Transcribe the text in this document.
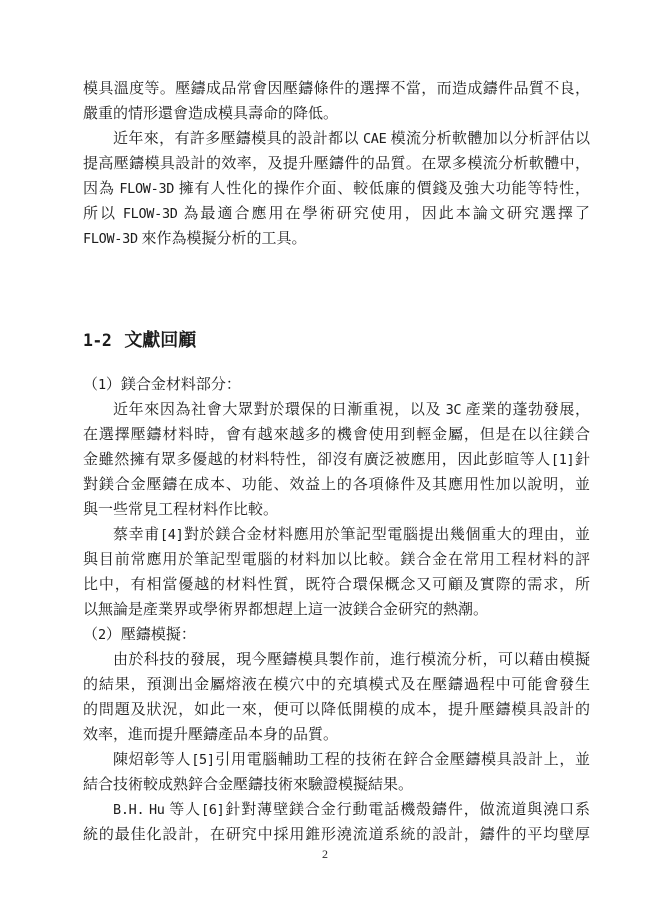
模具溫度等。壓鑄成品常會因壓鑄條件的選擇不當，而造成鑄件品質不良，
嚴重的情形還會造成模具壽命的降低。
近年來，有許多壓鑄模具的設計都以 CAE 模流分析軟體加以分析評估以
提高壓鑄模具設計的效率，及提升壓鑄件的品質。在眾多模流分析軟體中，
因為 FLOW-3D 擁有人性化的操作介面、較低廉的價錢及強大功能等特性，
所以 FLOW-3D 為最適合應用在學術研究使用，因此本論文研究選擇了
FLOW-3D 來作為模擬分析的工具。
1-2 文獻回顧
（1）鎂合金材料部分：
近年來因為社會大眾對於環保的日漸重視，以及 3C 產業的蓬勃發展，
在選擇壓鑄材料時，會有越來越多的機會使用到輕金屬，但是在以往鎂合
金雖然擁有眾多優越的材料特性，卻沒有廣泛被應用，因此彭暄等人[1]針
對鎂合金壓鑄在成本、功能、效益上的各項條件及其應用性加以說明，並
與一些常見工程材料作比較。
蔡幸甫[4]對於鎂合金材料應用於筆記型電腦提出幾個重大的理由，並
與目前常應用於筆記型電腦的材料加以比較。鎂合金在常用工程材料的評
比中，有相當優越的材料性質，既符合環保概念又可顧及實際的需求，所
以無論是產業界或學術界都想趕上這一波鎂合金研究的熱潮。
（2）壓鑄模擬：
由於科技的發展，現今壓鑄模具製作前，進行模流分析，可以藉由模擬
的結果，預測出金屬熔液在模穴中的充填模式及在壓鑄過程中可能會發生
的問題及狀況，如此一來，便可以降低開模的成本，提升壓鑄模具設計的
效率，進而提升壓鑄產品本身的品質。
陳炤彰等人[5]引用電腦輔助工程的技術在鋅合金壓鑄模具設計上，並
結合技術較成熟鋅合金壓鑄技術來驗證模擬結果。
B.H. Hu 等人[6]針對薄壁鎂合金行動電話機殼鑄件，做流道與澆口系
統的最佳化設計，在研究中採用錐形澆流道系統的設計，鑄件的平均壁厚
2
